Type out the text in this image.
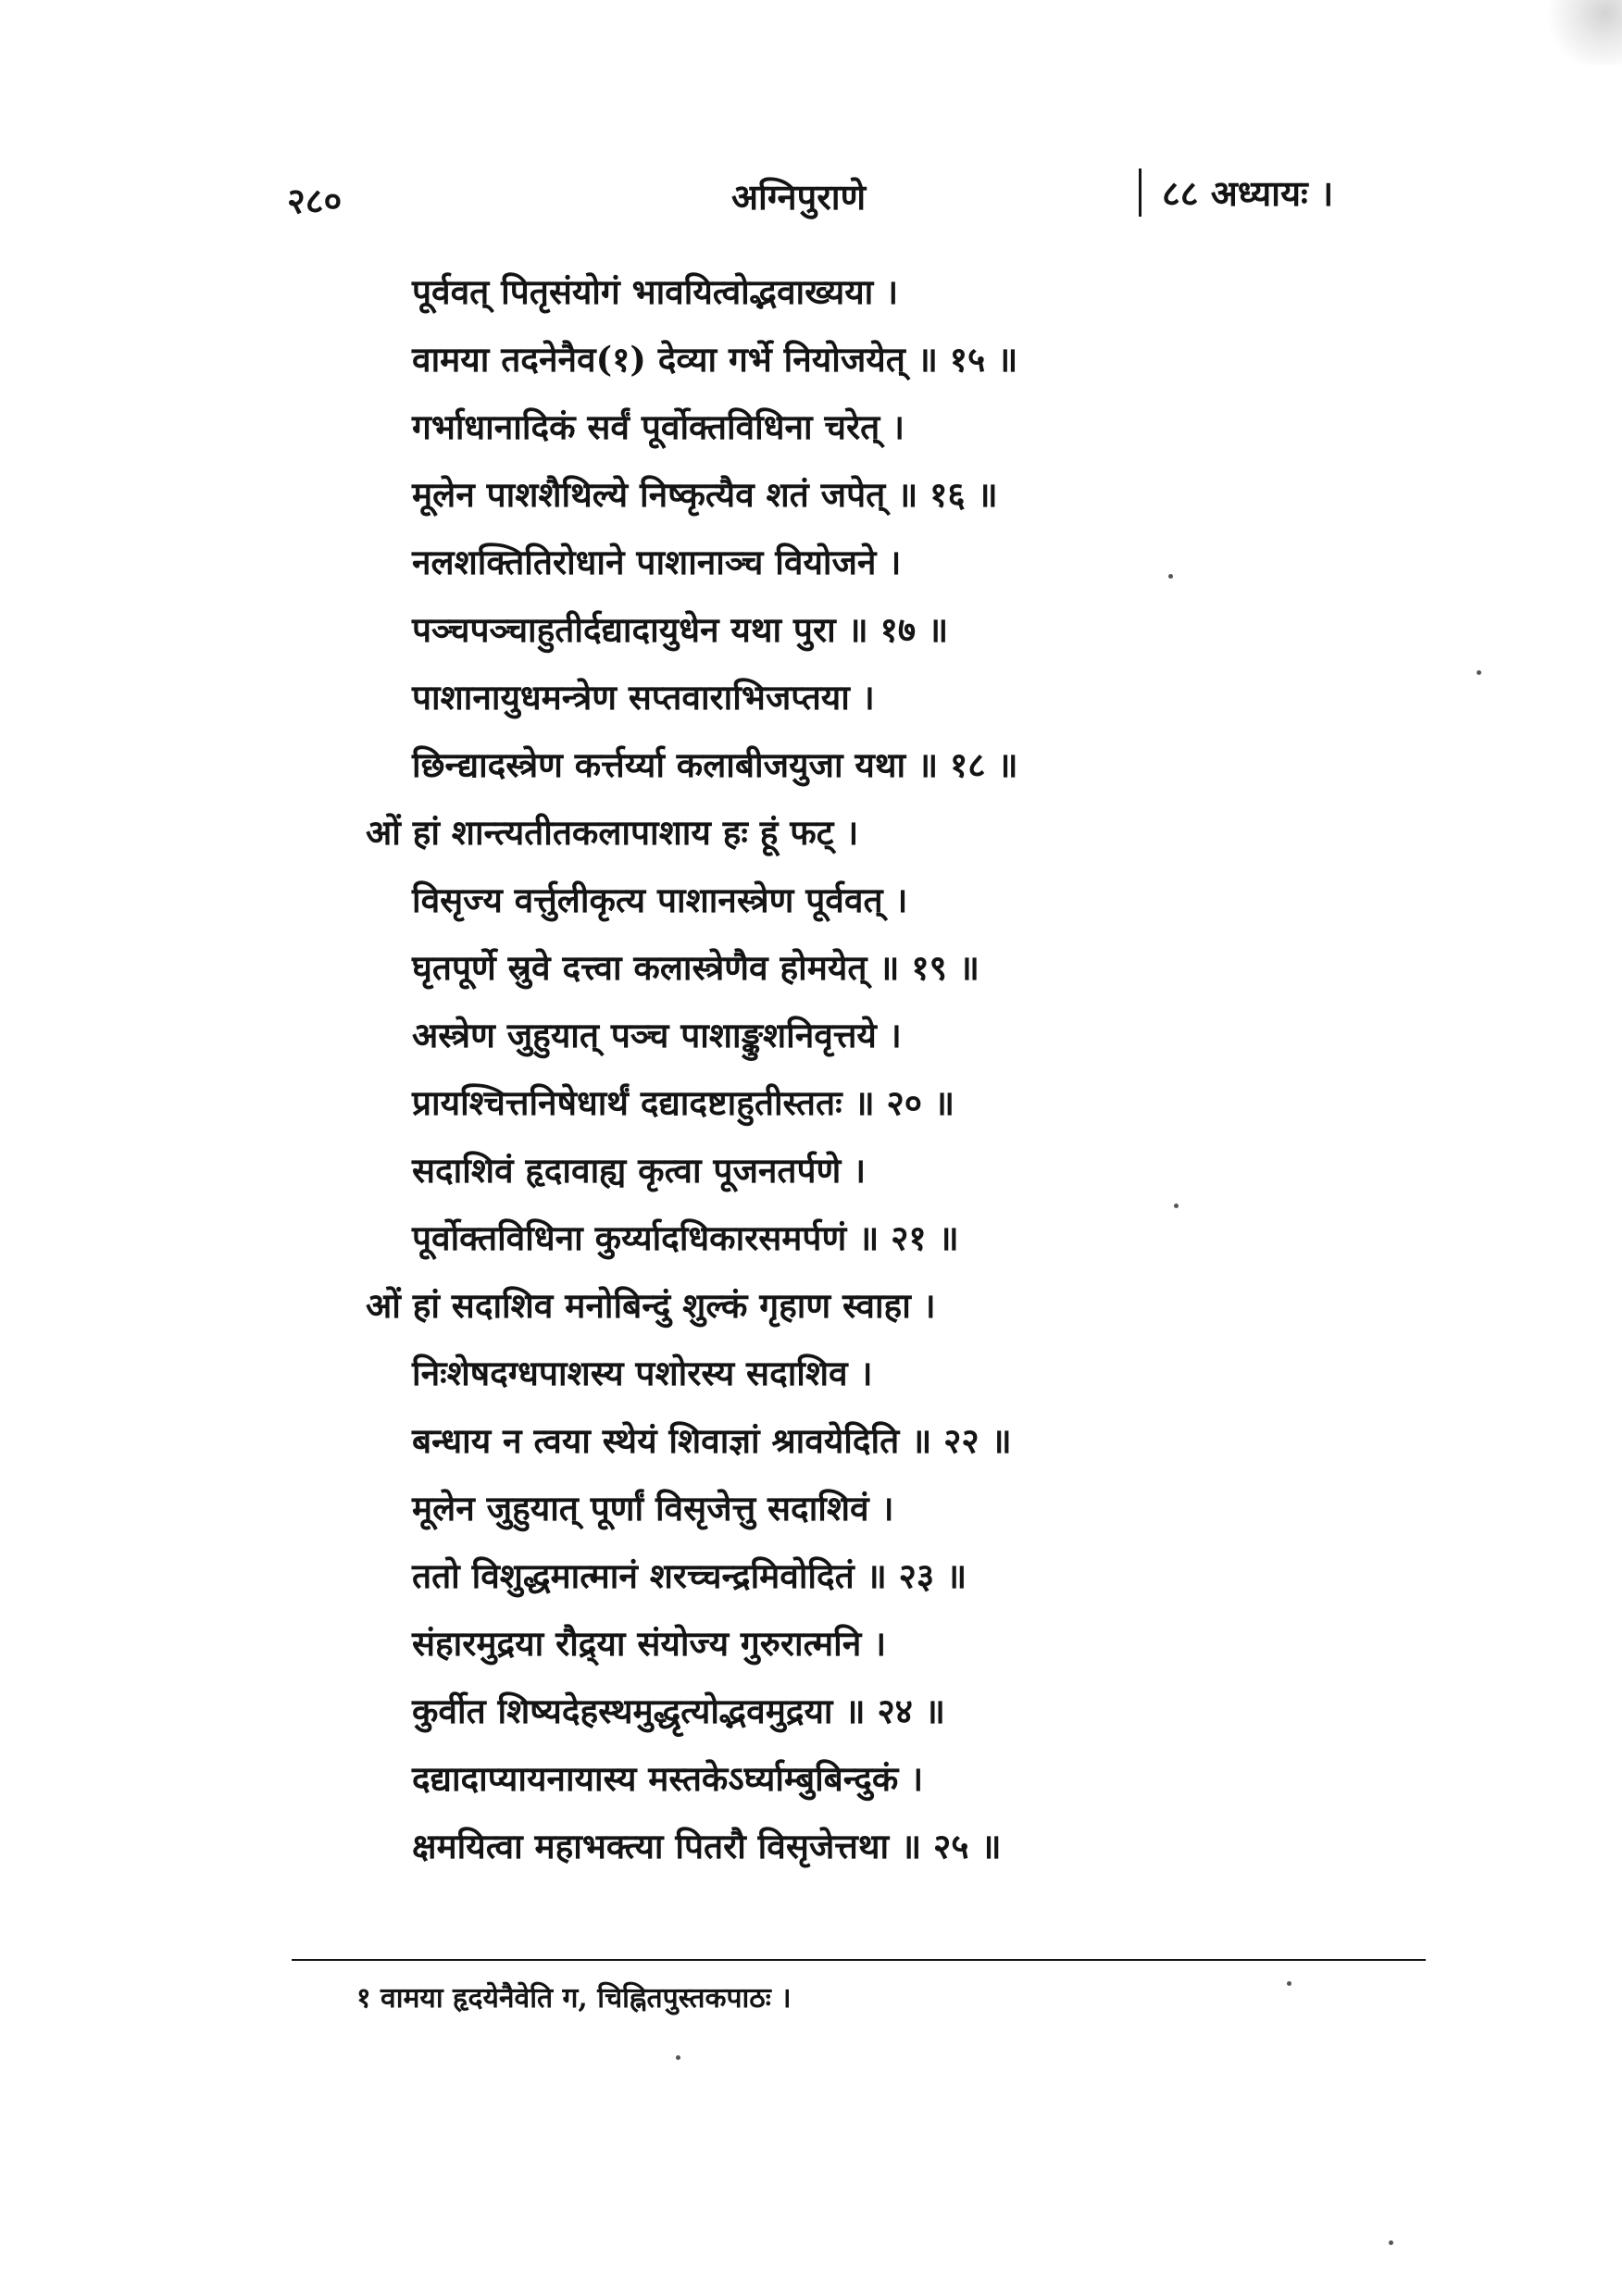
२८०	अग्निपुराणे	८८ अध्यायः ।
पूर्ववत् पितृसंयोगं भावयित्वोद्भवाख्यया ।
वामया तदनेनैव(१) देव्या गर्भे नियोजयेत् ॥ १५ ॥
गर्भाधानादिकं सर्वं पूर्वोक्तविधिना चरेत् ।
मूलेन पाशशैथिल्ये निष्कृत्यैव शतं जपेत् ॥ १६ ॥
नलशक्तितिरोधाने पाशानाञ्च वियोजने ।
पञ्चपञ्चाहुतीर्दद्यादायुधेन यथा पुरा ॥ १७ ॥
पाशानायुधमन्त्रेण सप्तवाराभिजप्तया ।
छिन्द्यादस्त्रेण कर्त्तर्य्या कलाबीजयुजा यथा ॥ १८ ॥
ओं हां शान्त्यतीतकलापाशाय हः हूं फट् ।
विसृज्य वर्त्तुलीकृत्य पाशानस्त्रेण पूर्ववत् ।
घृतपूर्णे स्रुवे दत्त्वा कलास्त्रेणैव होमयेत् ॥ १९ ॥
अस्त्रेण जुहुयात् पञ्च पाशाङ्कुशनिवृत्तये ।
प्रायश्चित्तनिषेधार्थं दद्यादष्टाहुतीस्ततः ॥ २० ॥
सदाशिवं हृदावाह्य कृत्वा पूजनतर्पणे ।
पूर्वोक्तविधिना कुर्य्यादधिकारसमर्पणं ॥ २१ ॥
ओं हां सदाशिव मनोबिन्दुं शुल्कं गृहाण स्वाहा ।
निःशेषदग्धपाशस्य पशोरस्य सदाशिव ।
बन्धाय न त्वया स्थेयं शिवाज्ञां श्रावयेदिति ॥ २२ ॥
मूलेन जुहुयात् पूर्णां विसृजेत्तु सदाशिवं ।
ततो विशुद्धमात्मानं शरच्चन्द्रमिवोदितं ॥ २३ ॥
संहारमुद्रया रौद्र्या संयोज्य गुरुरात्मनि ।
कुर्वीत शिष्यदेहस्थमुद्धृत्योद्भवमुद्रया ॥ २४ ॥
दद्यादाप्यायनायास्य मस्तकेऽर्घ्याम्बुबिन्दुकं ।
क्षमयित्वा महाभक्त्या पितरौ विसृजेत्तथा ॥ २५ ॥
१ वामया हृदयेनैवेति ग, चिह्नितपुस्तकपाठः ।
